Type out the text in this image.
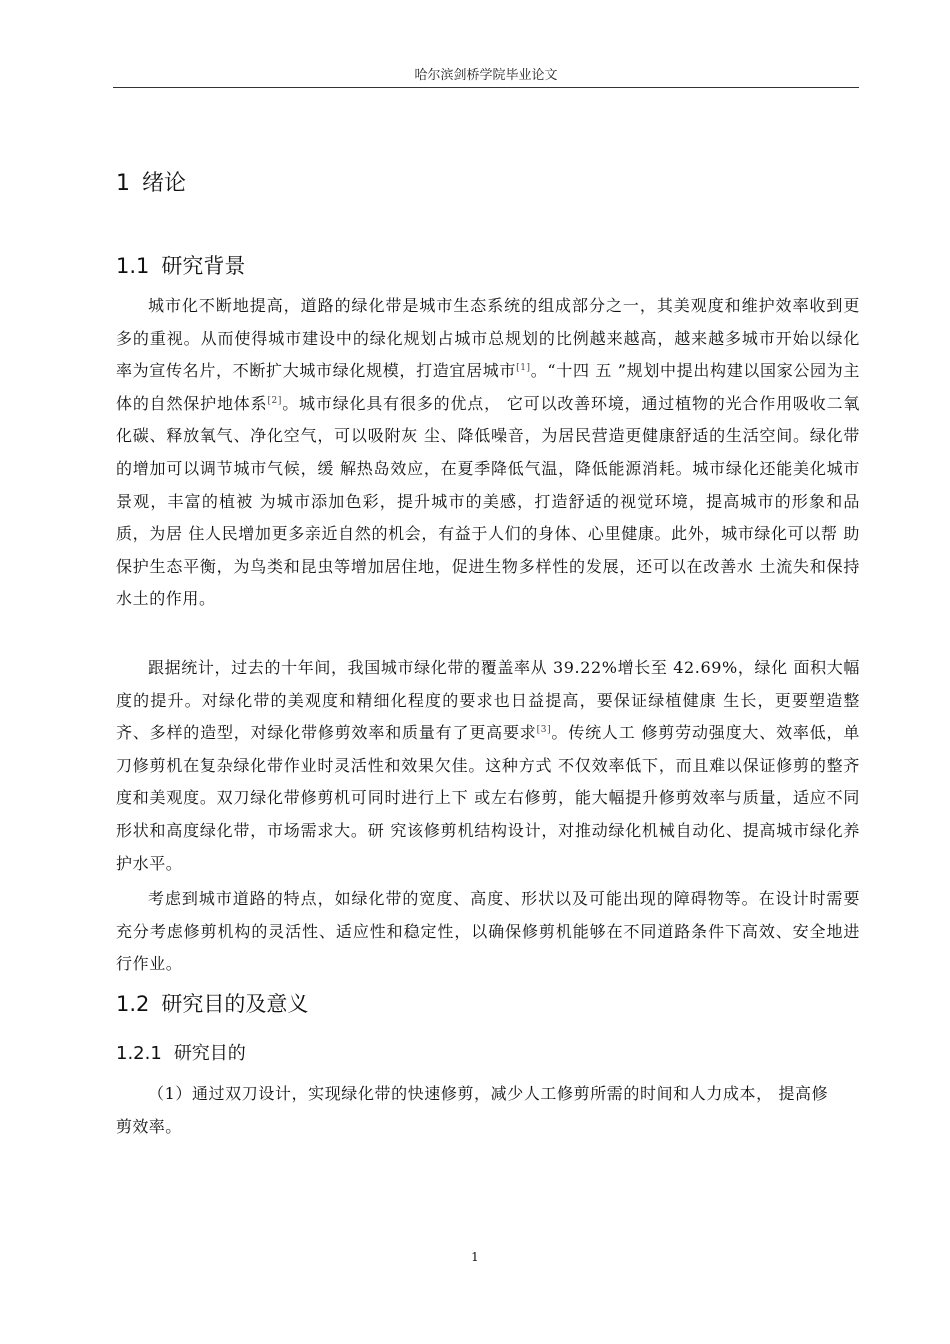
哈尔滨剑桥学院毕业论文
1 绪论
1.1 研究背景

城市化不断地提高，道路的绿化带是城市生态系统的组成部分之一，其美观度和维护效率收到更多的重视。从而使得城市建设中的绿化规划占城市总规划的比例越来越高，越来越多城市开始以绿化率为宣传名片，不断扩大城市绿化规模，打造宜居城市[1]。“十四 五 ”规划中提出构建以国家公园为主体的自然保护地体系[2]。城市绿化具有很多的优点， 它可以改善环境，通过植物的光合作用吸收二氧化碳、释放氧气、净化空气，可以吸附灰 尘、降低噪音，为居民营造更健康舒适的生活空间。绿化带的增加可以调节城市气候，缓 解热岛效应，在夏季降低气温，降低能源消耗。城市绿化还能美化城市景观，丰富的植被 为城市添加色彩，提升城市的美感，打造舒适的视觉环境，提高城市的形象和品质，为居 住人民增加更多亲近自然的机会，有益于人们的身体、心里健康。此外，城市绿化可以帮 助保护生态平衡，为鸟类和昆虫等增加居住地，促进生物多样性的发展，还可以在改善水 土流失和保持水土的作用。

跟据统计，过去的十年间，我国城市绿化带的覆盖率从 39.22%增长至 42.69%，绿化 面积大幅度的提升。对绿化带的美观度和精细化程度的要求也日益提高，要保证绿植健康 生长，更要塑造整齐、多样的造型，对绿化带修剪效率和质量有了更高要求[3]。传统人工 修剪劳动强度大、效率低，单刀修剪机在复杂绿化带作业时灵活性和效果欠佳。这种方式 不仅效率低下，而且难以保证修剪的整齐度和美观度。双刀绿化带修剪机可同时进行上下 或左右修剪，能大幅提升修剪效率与质量，适应不同形状和高度绿化带，市场需求大。研 究该修剪机结构设计，对推动绿化机械自动化、提高城市绿化养护水平。

考虑到城市道路的特点，如绿化带的宽度、高度、形状以及可能出现的障碍物等。在设计时需要充分考虑修剪机构的灵活性、适应性和稳定性，以确保修剪机能够在不同道路条件下高效、安全地进行作业。

1.2 研究目的及意义
1.2.1 研究目的

（1）通过双刀设计，实现绿化带的快速修剪，减少人工修剪所需的时间和人力成本， 提高修剪效率。

1
